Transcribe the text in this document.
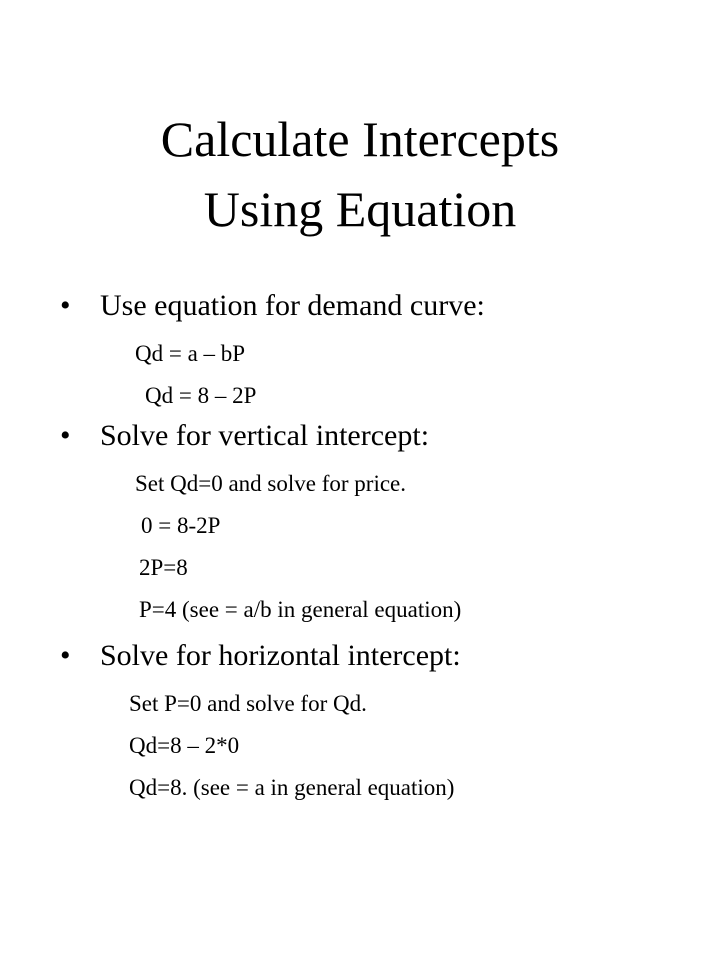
Calculate Intercepts
Using Equation
• Use equation for demand curve:
Qd = a – bP
Qd = 8 – 2P
• Solve for vertical intercept:
Set Qd=0 and solve for price.
0 = 8-2P
2P=8
P=4 (see = a/b in general equation)
• Solve for horizontal intercept:
Set P=0 and solve for Qd.
Qd=8 – 2*0
Qd=8. (see = a in general equation)
